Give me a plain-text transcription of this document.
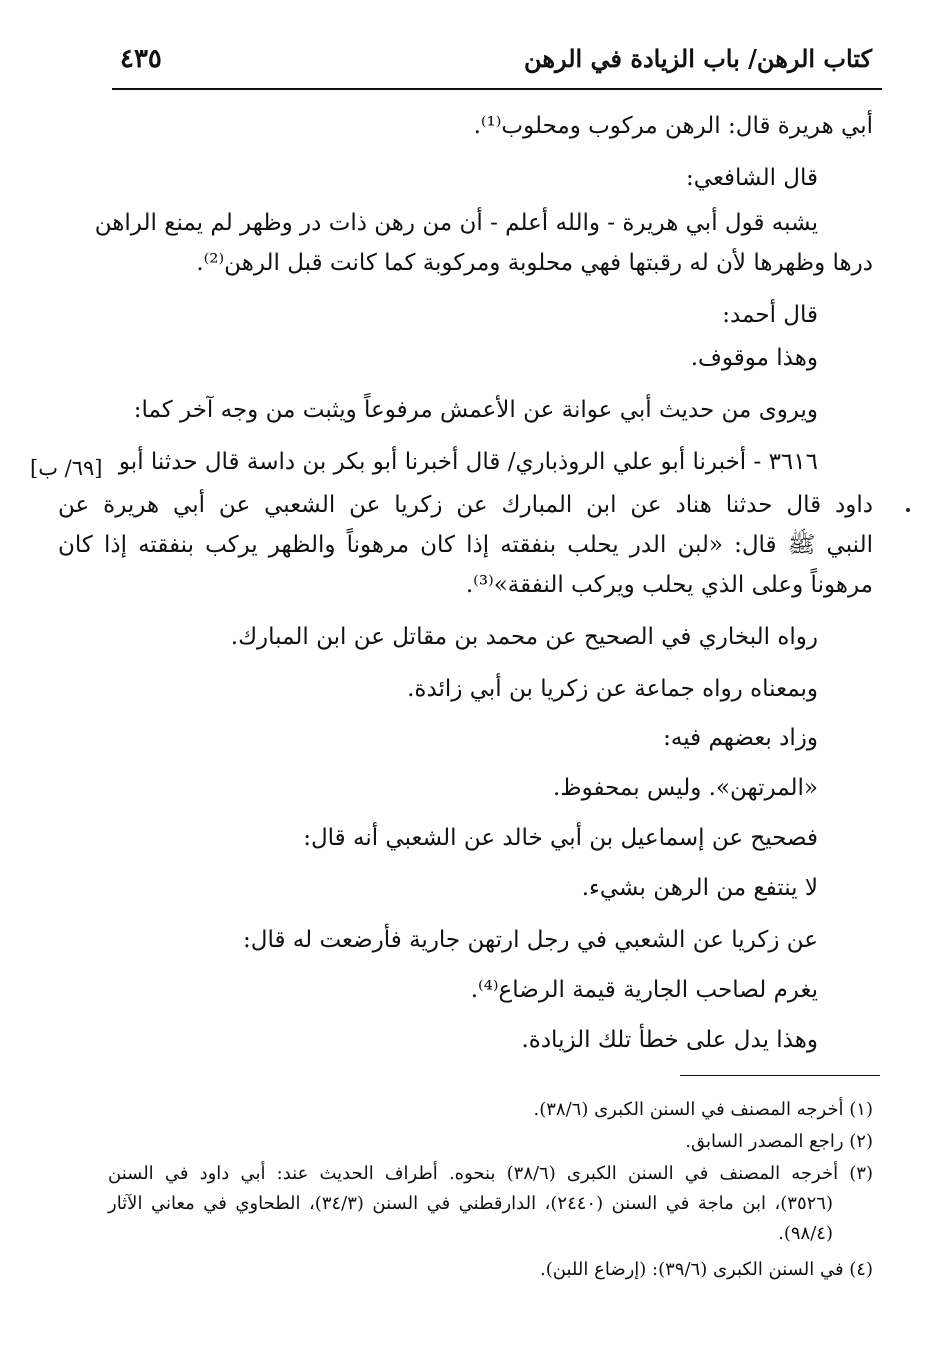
كتاب الرهن/ باب الزيادة في الرهن
٤٣٥
أبي هريرة قال: الرهن مركوب ومحلوب⁽¹⁾.
قال الشافعي:
يشبه قول أبي هريرة - والله أعلم - أن من رهن ذات در وظهر لم يمنع الراهن
درها وظهرها لأن له رقبتها فهي محلوبة ومركوبة كما كانت قبل الرهن⁽²⁾.
قال أحمد:
وهذا موقوف.
ويروى من حديث أبي عوانة عن الأعمش مرفوعاً ويثبت من وجه آخر كما:
٣٦١٦ - أخبرنا أبو علي الروذباري/ قال أخبرنا أبو بكر بن داسة قال حدثنا أبو
[٦٩/ ب]
داود قال حدثنا هناد عن ابن المبارك عن زكريا عن الشعبي عن أبي هريرة عن
النبي ﷺ قال: «لبن الدر يحلب بنفقته إذا كان مرهوناً والظهر يركب بنفقته إذا كان
مرهوناً وعلى الذي يحلب ويركب النفقة»⁽³⁾.
رواه البخاري في الصحيح عن محمد بن مقاتل عن ابن المبارك.
وبمعناه رواه جماعة عن زكريا بن أبي زائدة.
وزاد بعضهم فيه:
«المرتهن». وليس بمحفوظ.
فصحيح عن إسماعيل بن أبي خالد عن الشعبي أنه قال:
لا ينتفع من الرهن بشيء.
عن زكريا عن الشعبي في رجل ارتهن جارية فأرضعت له قال:
يغرم لصاحب الجارية قيمة الرضاع⁽⁴⁾.
وهذا يدل على خطأ تلك الزيادة.
(١) أخرجه المصنف في السنن الكبرى (٣٨/٦).
(٢) راجع المصدر السابق.
(٣) أخرجه المصنف في السنن الكبرى (٣٨/٦) بنحوه. أطراف الحديث عند: أبي داود في السنن
(٣٥٢٦)، ابن ماجة في السنن (٢٤٤٠)، الدارقطني في السنن (٣٤/٣)، الطحاوي في معاني الآثار
(٩٨/٤).
(٤) في السنن الكبرى (٣٩/٦): (إرضاع اللبن).
